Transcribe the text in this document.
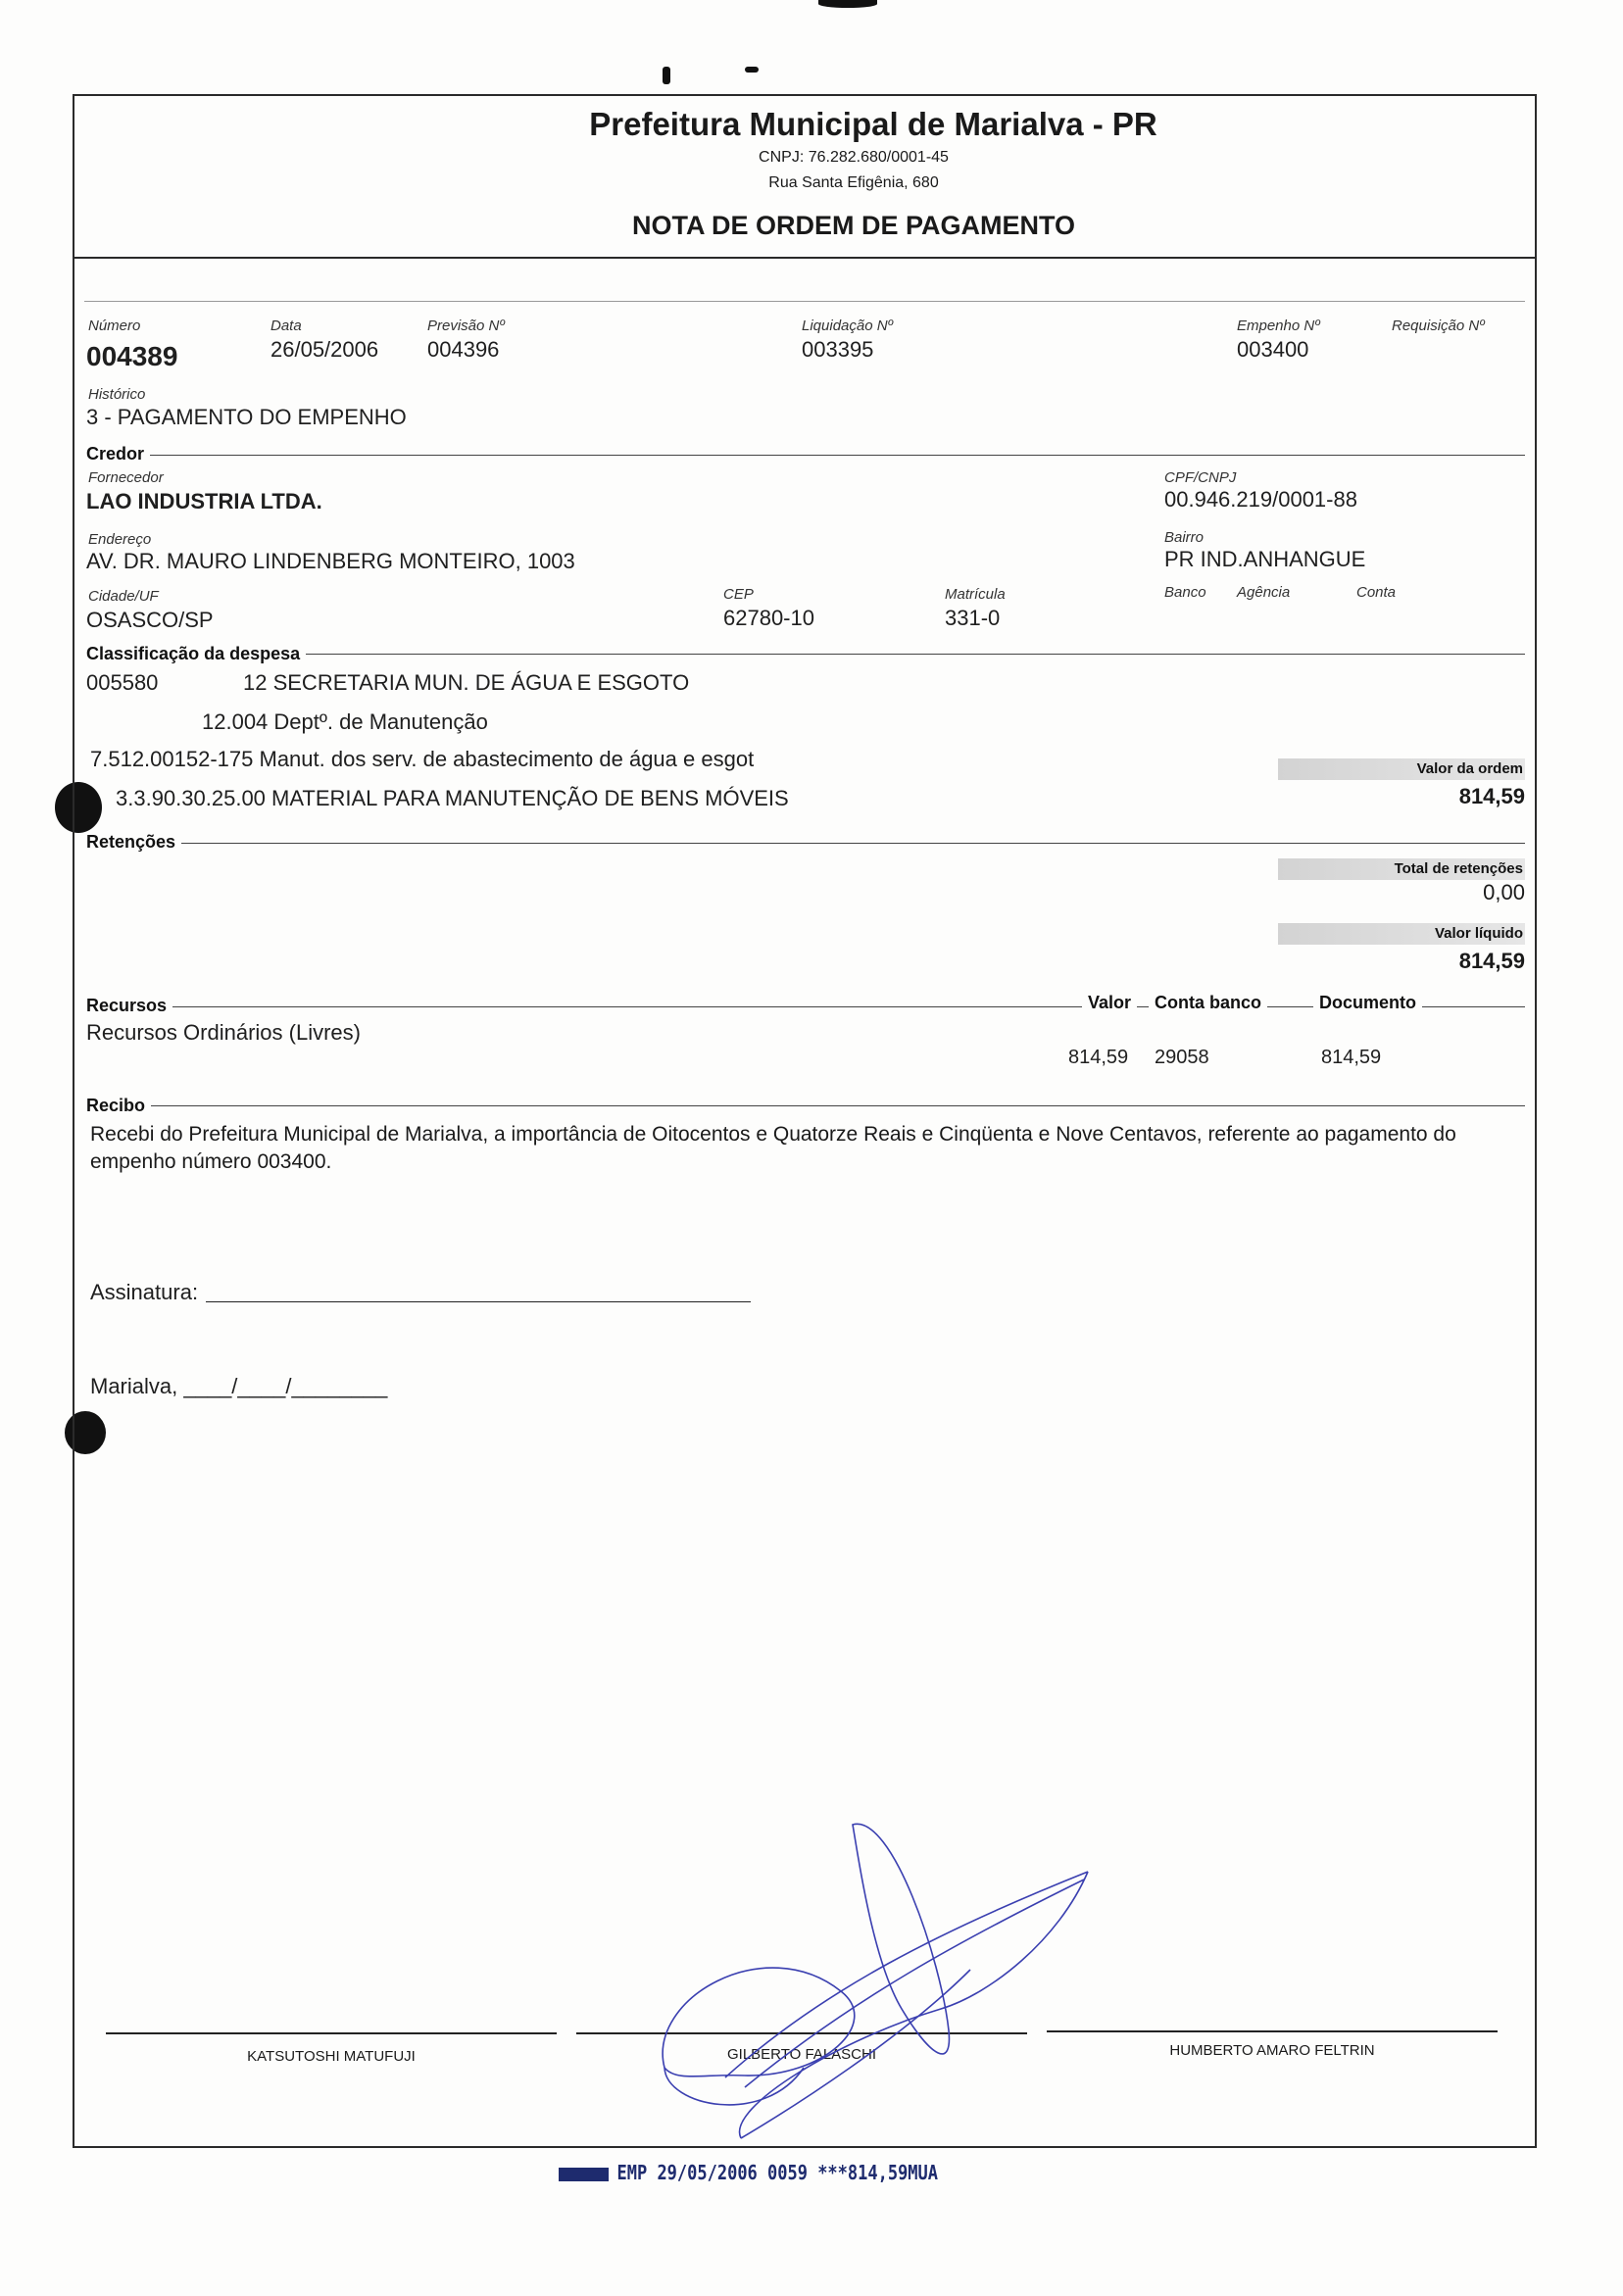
Prefeitura Municipal de Marialva - PR
CNPJ: 76.282.680/0001-45
Rua Santa Efigênia, 680
NOTA DE ORDEM DE PAGAMENTO
Número
004389
Data
26/05/2006
Previsão Nº
004396
Liquidação Nº
003395
Empenho Nº
003400
Requisição Nº
Histórico
3 - PAGAMENTO DO EMPENHO
Credor
Fornecedor
LAO INDUSTRIA LTDA.
CPF/CNPJ
00.946.219/0001-88
Endereço
AV. DR. MAURO LINDENBERG MONTEIRO, 1003
Bairro
PR IND.ANHANGUE
Cidade/UF
OSASCO/SP
CEP
62780-10
Matrícula
331-0
Banco Agência	Conta
Classificação da despesa
005580	12 SECRETARIA MUN. DE ÁGUA E ESGOTO
12.004 Deptº. de Manutenção
7.512.00152-175 Manut. dos serv. de abastecimento de água e esgot
3.3.90.30.25.00 MATERIAL PARA MANUTENÇÃO DE BENS MÓVEIS
Valor da ordem
814,59
Retenções
Total de retenções
0,00
Valor líquido
814,59
Recursos	Valor	Conta banco	Documento
Recursos Ordinários (Livres)
814,59 29058	814,59
Recibo
Recebi do Prefeitura Municipal de Marialva, a importância de Oitocentos e Quatorze Reais e Cinqüenta e Nove Centavos, referente ao pagamento do empenho número 003400.
Assinatura:
Marialva, ____/____/________
KATSUTOSHI MATUFUJI	GILBERTO FALASCHI	HUMBERTO AMARO FELTRIN
EMP 29/05/2006 0059 ***814,59MUA
